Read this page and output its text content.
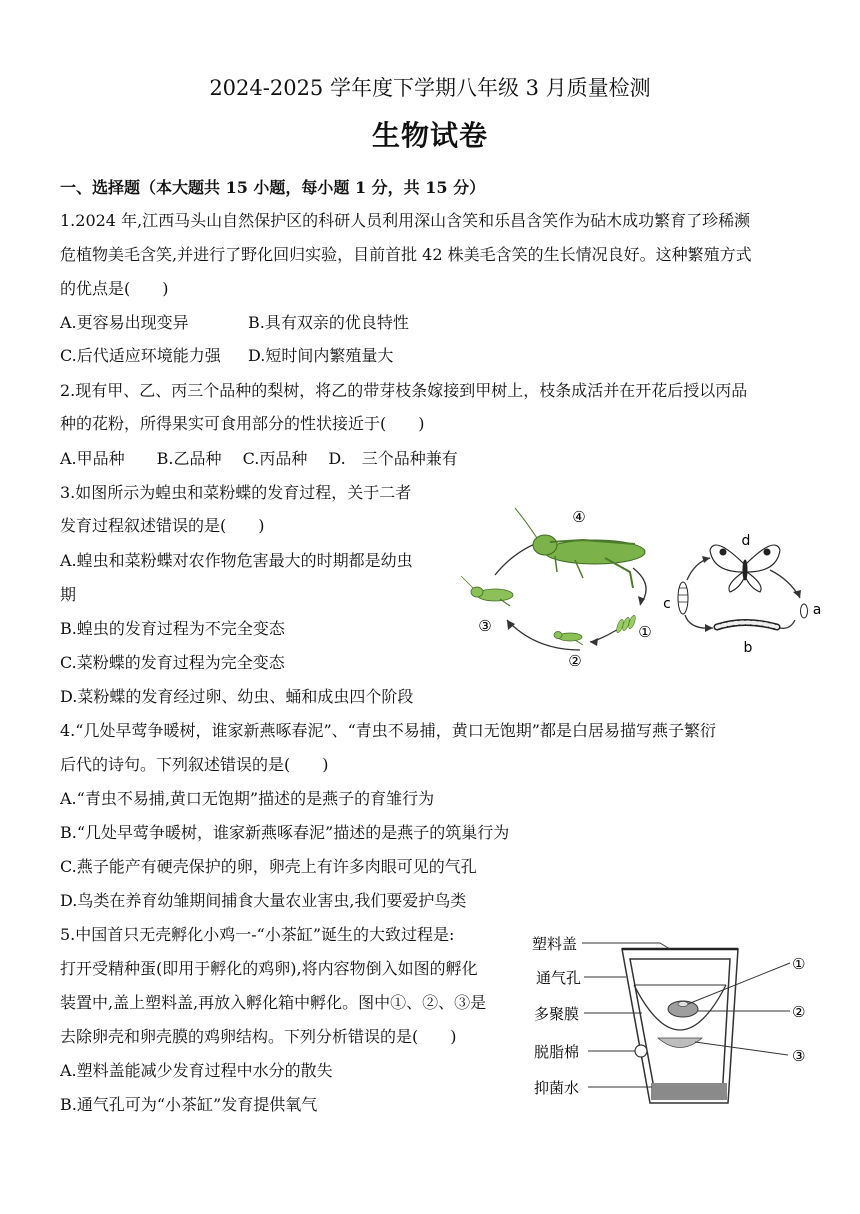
2024-2025 学年度下学期八年级 3 月质量检测
生物试卷
一、选择题（本大题共 15 小题，每小题 1 分，共 15 分）
1.2024 年,江西马头山自然保护区的科研人员利用深山含笑和乐昌含笑作为砧木成功繁育了珍稀濒
危植物美毛含笑,并进行了野化回归实验，目前首批 42 株美毛含笑的生长情况良好。这种繁殖方式
的优点是(　　)
A.更容易出现变异	B.具有双亲的优良特性
C.后代适应环境能力强 D.短时间内繁殖量大
2.现有甲、乙、丙三个品种的梨树，将乙的带芽枝条嫁接到甲树上，枝条成活并在开花后授以丙品
种的花粉，所得果实可食用部分的性状接近于(　　)
A.甲品种　　B.乙品种　 C.丙品种　 D.　三个品种兼有
3.如图所示为蝗虫和菜粉蝶的发育过程，关于二者
发育过程叙述错误的是(　　)
A.蝗虫和菜粉蝶对农作物危害最大的时期都是幼虫
期
B.蝗虫的发育过程为不完全变态
C.菜粉蝶的发育过程为完全变态
D.菜粉蝶的发育经过卵、幼虫、蛹和成虫四个阶段
④
①
②
③
d
a
b
c
4.“几处早莺争暖树，谁家新燕啄春泥”、“青虫不易捕，黄口无饱期”都是白居易描写燕子繁衍
后代的诗句。下列叙述错误的是(　　)
A.“青虫不易捕,黄口无饱期”描述的是燕子的育雏行为
B.“几处早莺争暖树，谁家新燕啄春泥”描述的是燕子的筑巢行为
C.燕子能产有硬壳保护的卵，卵壳上有许多肉眼可见的气孔
D.鸟类在养育幼雏期间捕食大量农业害虫,我们要爱护鸟类
5.中国首只无壳孵化小鸡一-“小茶缸”诞生的大致过程是:
打开受精种蛋(即用于孵化的鸡卵),将内容物倒入如图的孵化
装置中,盖上塑料盖,再放入孵化箱中孵化。图中①、②、③是
去除卵壳和卵壳膜的鸡卵结构。下列分析错误的是(　　)
A.塑料盖能减少发育过程中水分的散失
B.通气孔可为“小茶缸”发育提供氧气
塑料盖
通气孔
多聚膜
脱脂棉
抑菌水
①
②
③
